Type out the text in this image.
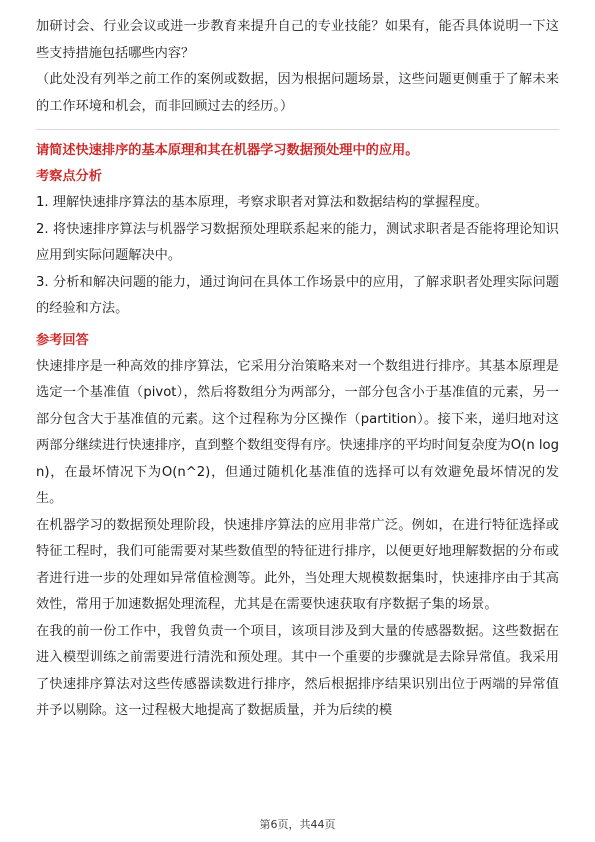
加研讨会、行业会议或进一步教育来提升自己的专业技能？如果有，能否具体说明一下这些支持措施包括哪些内容？

（此处没有列举之前工作的案例或数据，因为根据问题场景，这些问题更侧重于了解未来的工作环境和机会，而非回顾过去的经历。）

请简述快速排序的基本原理和其在机器学习数据预处理中的应用。

考察点分析

1. 理解快速排序算法的基本原理，考察求职者对算法和数据结构的掌握程度。

2. 将快速排序算法与机器学习数据预处理联系起来的能力，测试求职者是否能将理论知识应用到实际问题解决中。

3. 分析和解决问题的能力，通过询问在具体工作场景中的应用，了解求职者处理实际问题的经验和方法。

参考回答

快速排序是一种高效的排序算法，它采用分治策略来对一个数组进行排序。其基本原理是选定一个基准值（pivot），然后将数组分为两部分，一部分包含小于基准值的元素，另一部分包含大于基准值的元素。这个过程称为分区操作（partition）。接下来，递归地对这两部分继续进行快速排序，直到整个数组变得有序。快速排序的平均时间复杂度为O(n log n)，在最坏情况下为O(n^2)，但通过随机化基准值的选择可以有效避免最坏情况的发生。

在机器学习的数据预处理阶段，快速排序算法的应用非常广泛。例如，在进行特征选择或特征工程时，我们可能需要对某些数值型的特征进行排序，以便更好地理解数据的分布或者进行进一步的处理如异常值检测等。此外，当处理大规模数据集时，快速排序由于其高效性，常用于加速数据处理流程，尤其是在需要快速获取有序数据子集的场景。

在我的前一份工作中，我曾负责一个项目，该项目涉及到大量的传感器数据。这些数据在进入模型训练之前需要进行清洗和预处理。其中一个重要的步骤就是去除异常值。我采用了快速排序算法对这些传感器读数进行排序，然后根据排序结果识别出位于两端的异常值并予以剔除。这一过程极大地提高了数据质量，并为后续的模

第6页，共44页
